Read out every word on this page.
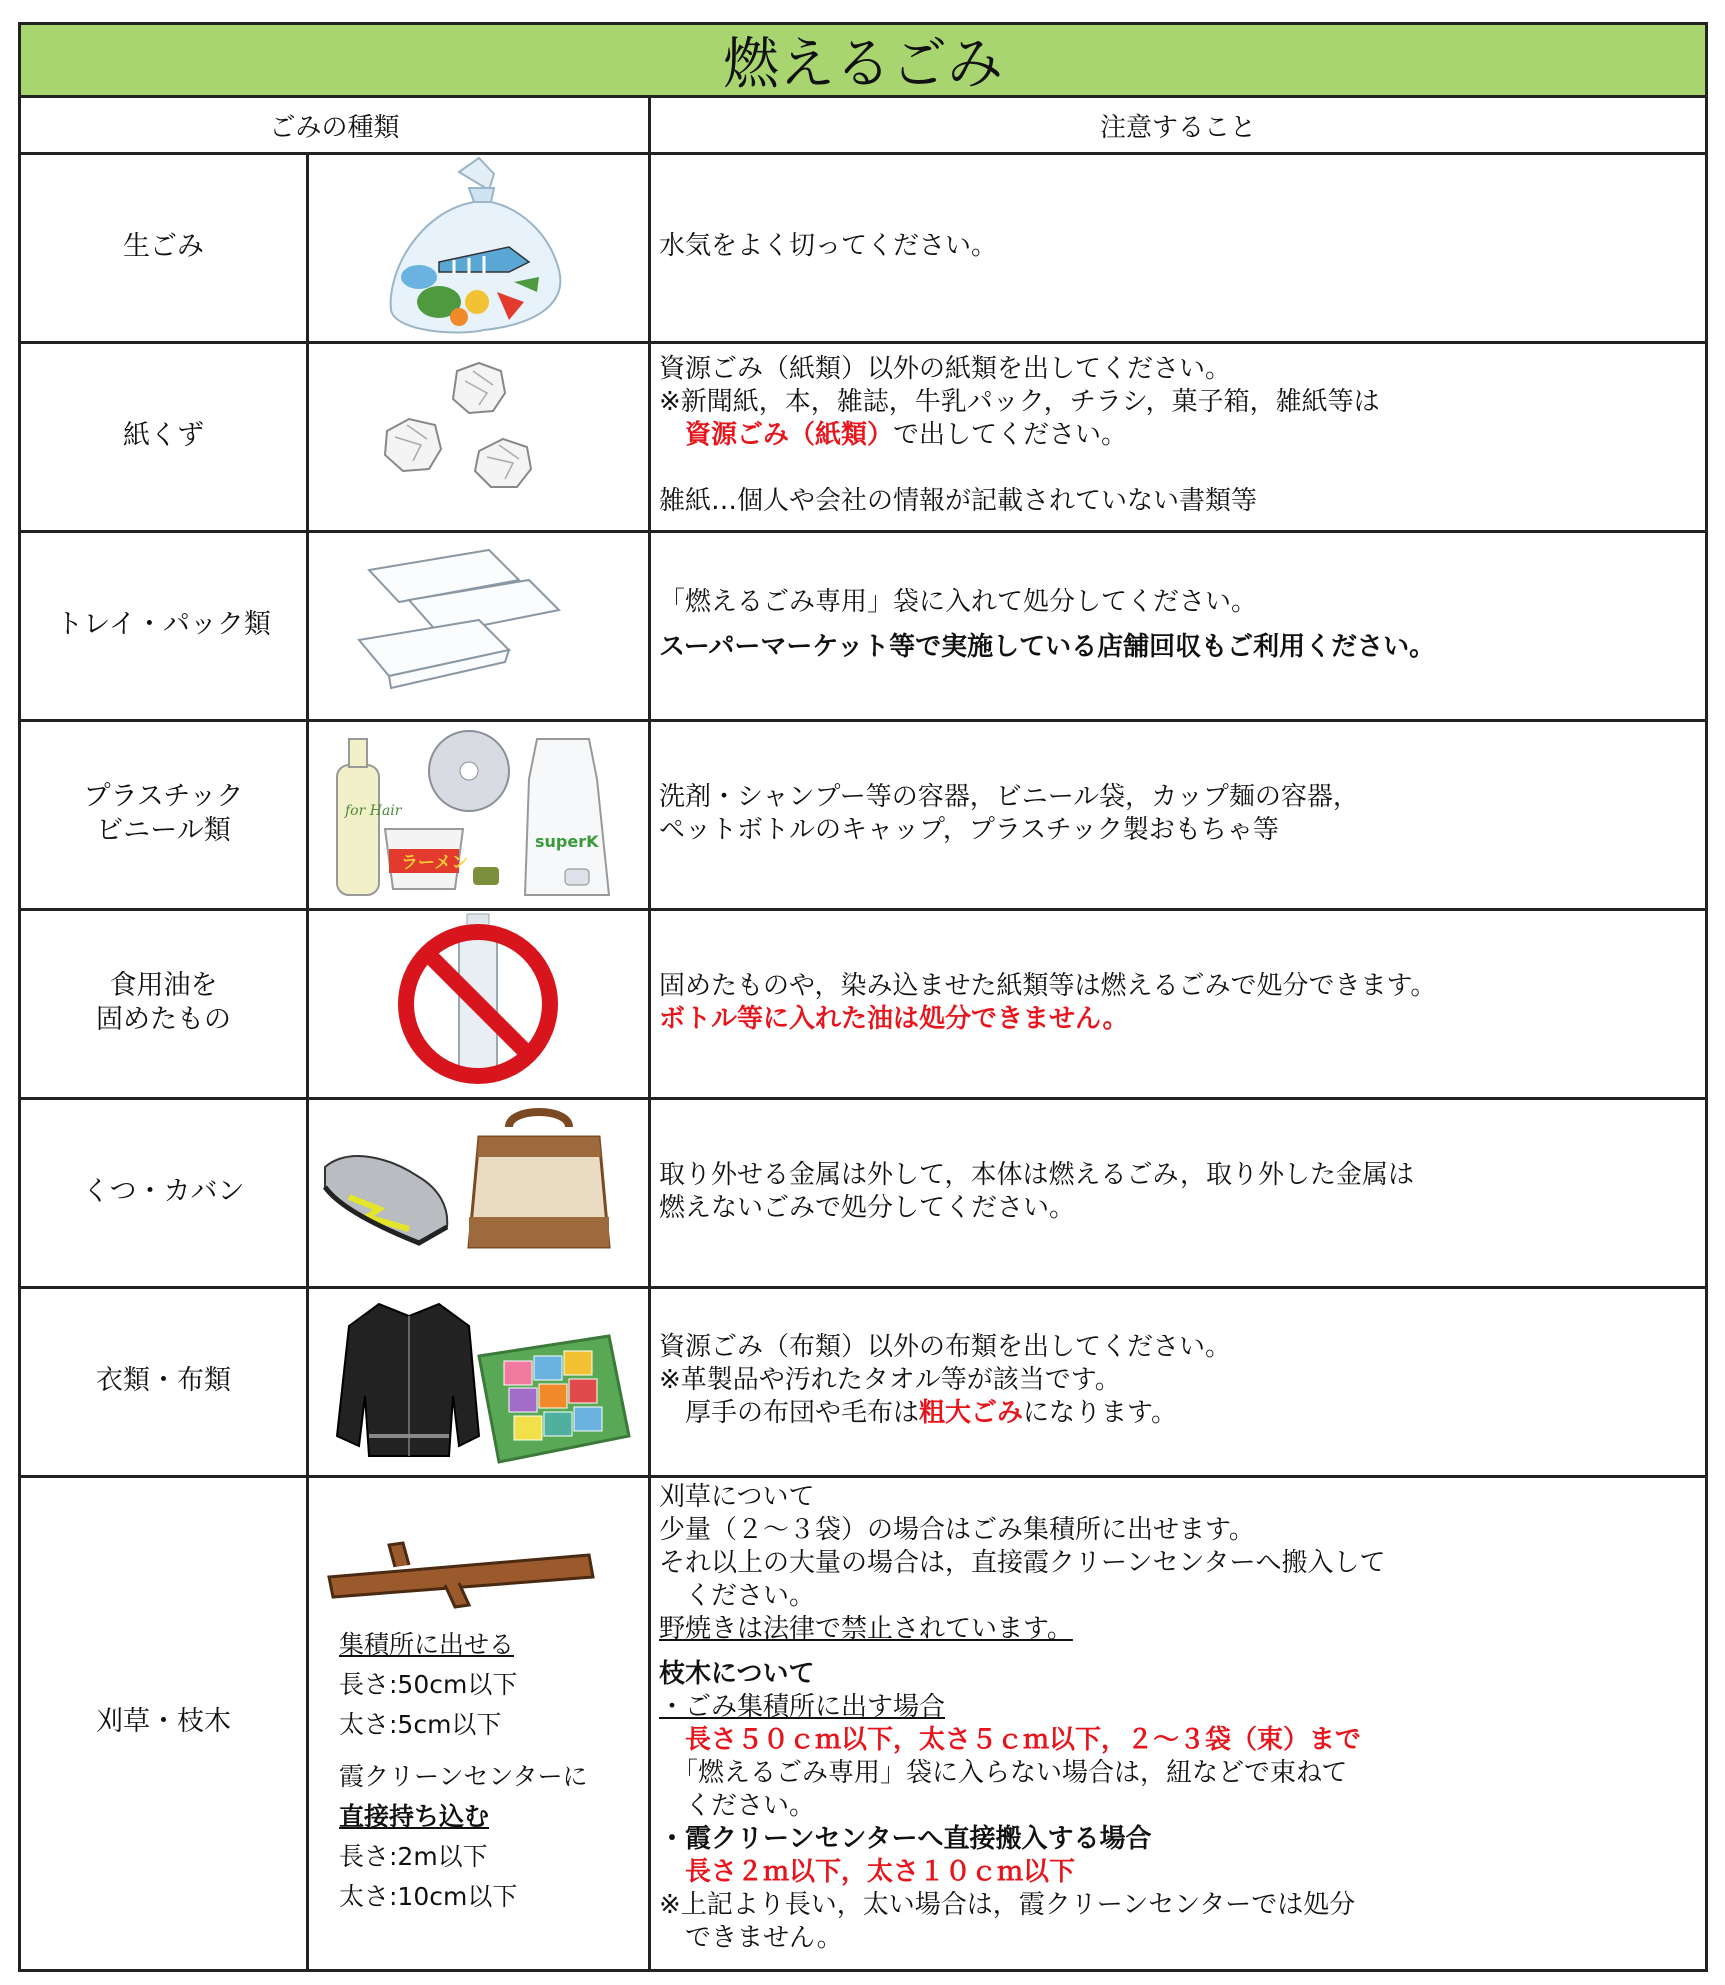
燃えるごみ
ごみの種類	注意すること
生ごみ	水気をよく切ってください。

紙くず

資源ごみ（紙類）以外の紙類を出してください。

※新聞紙，本，雑誌，牛乳パック，チラシ，菓子箱，雑紙等は

　資源ごみ（紙類）で出してください。

雑紙…個人や会社の情報が記載されていない書類等

トレイ・パック類

「燃えるごみ専用」袋に入れて処分してください。

スーパーマーケット等で実施している店舗回収もご利用ください。

プラスチック
ビニール類
for Hair
ラーメン
superK

洗剤・シャンプー等の容器，ビニール袋，カップ麺の容器，

ペットボトルのキャップ，プラスチック製おもちゃ等

食用油を
固めたもの

固めたものや，染み込ませた紙類等は燃えるごみで処分できます。

ボトル等に入れた油は処分できません。

くつ・カバン

取り外せる金属は外して，本体は燃えるごみ，取り外した金属は

燃えないごみで処分してください。

衣類・布類

資源ごみ（布類）以外の布類を出してください。

※革製品や汚れたタオル等が該当です。

　厚手の布団や毛布は粗大ごみになります。

刈草・枝木

集積所に出せる

長さ:50cm以下

太さ:5cm以下

霞クリーンセンターに

直接持ち込む

長さ:2m以下

太さ:10cm以下

刈草について

少量（２～３袋）の場合はごみ集積所に出せます。

それ以上の大量の場合は，直接霞クリーンセンターへ搬入して

　ください。

野焼きは法律で禁止されています。

枝木について

・ごみ集積所に出す場合

　長さ５０ｃｍ以下，太さ５ｃｍ以下，２～３袋（束）まで

　「燃えるごみ専用」袋に入らない場合は，紐などで束ねて

　ください。

・霞クリーンセンターへ直接搬入する場合

　長さ２ｍ以下，太さ１０ｃｍ以下

※上記より長い，太い場合は，霞クリーンセンターでは処分

　できません。
